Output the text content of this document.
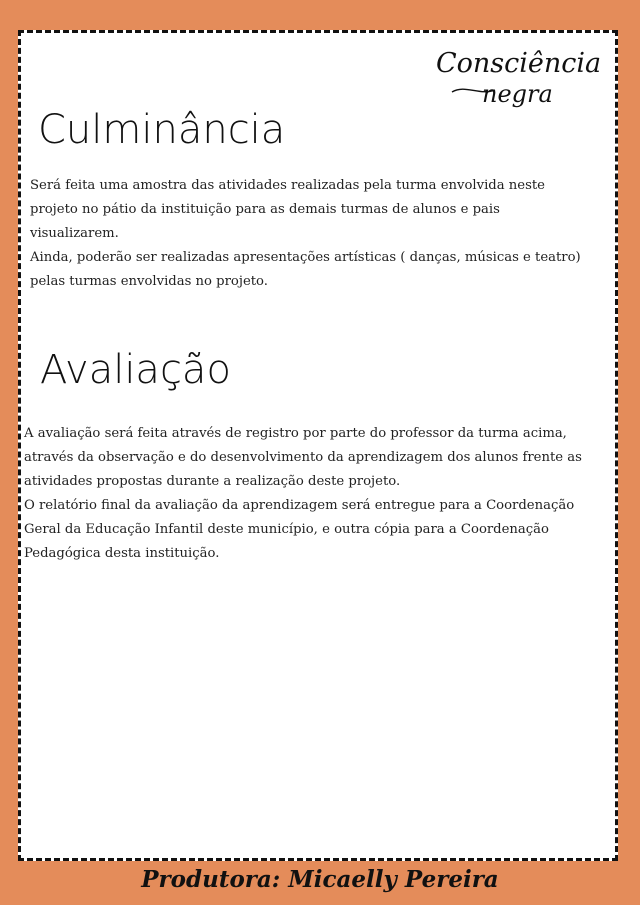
Consciência
negra
Culminância
Será feita uma amostra das atividades realizadas pela turma envolvida neste
projeto no pátio da instituição para as demais turmas de alunos e pais
visualizarem.
Ainda, poderão ser realizadas apresentações artísticas ( danças, músicas e teatro)
pelas turmas envolvidas no projeto.
Avaliação
A avaliação será feita através de registro por parte do professor da turma acima,
através da observação e do desenvolvimento da aprendizagem dos alunos frente as
atividades propostas durante a realização deste projeto.
O relatório final da avaliação da aprendizagem será entregue para a Coordenação
Geral da Educação Infantil deste município, e outra cópia para a Coordenação
Pedagógica desta instituição.
Produtora: Micaelly Pereira
